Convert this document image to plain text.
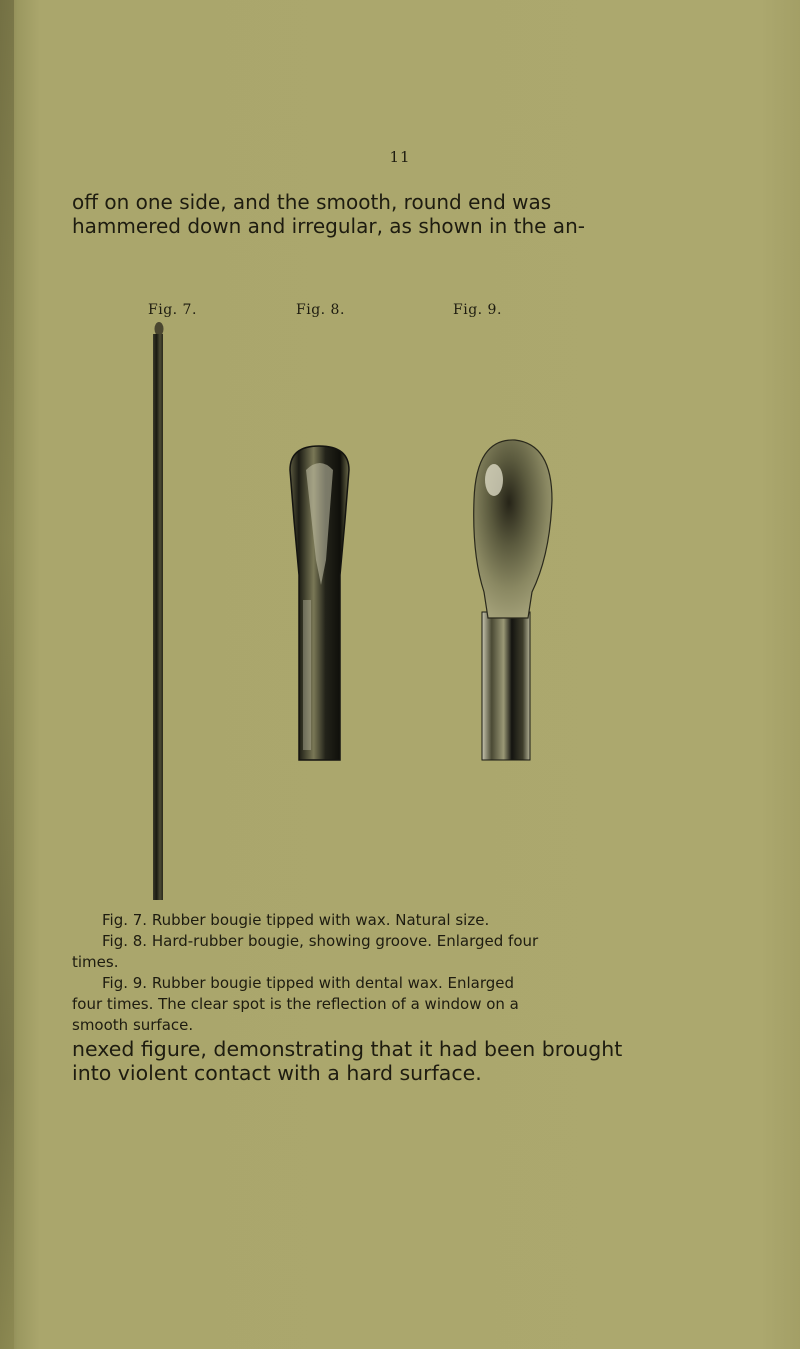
11
off on one side, and the smooth, round end was
hammered down and irregular, as shown in the an-
Fig. 7.	Fig. 8.	Fig. 9.

Fig. 7. Rubber bougie tipped with wax. Natural size.

Fig. 8. Hard-rubber bougie, showing groove. Enlarged four

times.

Fig. 9. Rubber bougie tipped with dental wax. Enlarged

four times. The clear spot is the reflection of a window on a

smooth surface.

nexed figure, demonstrating that it had been brought
into violent contact with a hard surface.
